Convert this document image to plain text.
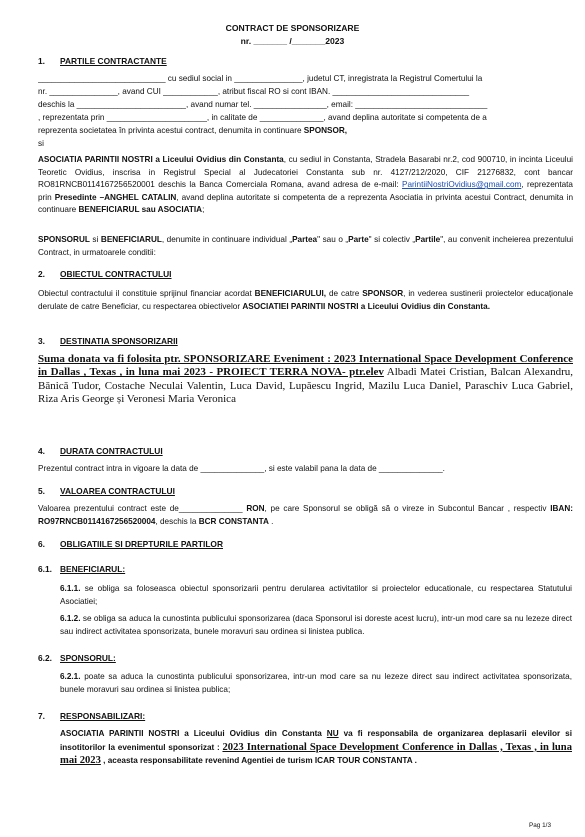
CONTRACT DE SPONSORIZARE
nr. _______ /_______2023
1. PARTILE CONTRACTANTE
____________________________ cu sediul social in _______________, judetul CT, inregistrata la Registrul Comertului la
nr. _______________, avand CUI ____________, atribut fiscal RO si cont IBAN. ______________________________
deschis la ________________________, avand numar tel. ________________, email: _____________________________
, reprezentata prin ______________________, in calitate de ______________, avand deplina autoritate si competenta de a
reprezenta societatea în privinta acestui contract, denumita in continuare SPONSOR,
si
ASOCIATIA PARINTII NOSTRI a Liceului Ovidius din Constanta, cu sediul in Constanta, Stradela Basarabi nr.2, cod 900710, in incinta Liceului Teoretic Ovidius, inscrisa in Registrul Special al Judecatoriei Constanta sub nr. 4127/212/2020, CIF 21276832, cont bancar RO81RNCB0114167256520001 deschis la Banca Comerciala Romana, avand adresa de e-mail: ParintiiNostriOvidius@gmail.com, reprezentata prin Presedinte –ANGHEL CATALIN, avand deplina autoritate si competenta de a reprezenta Asociatia in privinta acestui Contract, denumita in continuare BENEFICIARUL sau ASOCIATIA;
SPONSORUL si BENEFICIARUL, denumite in continuare individual „Partea" sau o „Parte" si colectiv „Partile", au convenit incheierea prezentului Contract, in urmatoarele conditii:
2. OBIECTUL CONTRACTULUI
Obiectul contractului il constituie sprijinul financiar acordat BENEFICIARULUI, de catre SPONSOR, in vederea sustinerii proiectelor educaționale derulate de catre Beneficiar, cu respectarea obiectivelor ASOCIATIEI PARINTII NOSTRI a Liceului Ovidius din Constanta.
3. DESTINATIA SPONSORIZARII
Suma donata va fi folosita ptr. SPONSORIZARE Eveniment : 2023 International Space Development Conference in Dallas , Texas , in luna mai 2023 - PROIECT TERRA NOVA- ptr.elev Albadi Matei Cristian, Balcan Alexandru, Bănică Tudor, Costache Neculai Valentin, Luca David, Lupăescu Ingrid, Mazilu Luca Daniel, Paraschiv Luca Gabriel, Riza Aris George și Veronesi Maria Veronica
4. DURATA CONTRACTULUI
Prezentul contract intra in vigoare la data de ______________, si este valabil pana la data de ______________.
5. VALOAREA CONTRACTULUI
Valoarea prezentului contract este de______________ RON, pe care Sponsorul se obligă să o vireze in Subcontul Bancar , respectiv IBAN: RO97RNCB0114167256520004, deschis la BCR CONSTANTA .
6. OBLIGATIILE SI DREPTURILE PARTILOR
6.1. BENEFICIARUL:
6.1.1. se obliga sa foloseasca obiectul sponsorizarii pentru derularea activitatilor si proiectelor educationale, cu respectarea Statutului Asociatiei;
6.1.2. se obliga sa aduca la cunostinta publicului sponsorizarea (daca Sponsorul isi doreste acest lucru), intr-un mod care sa nu lezeze direct sau indirect activitatea sponsorizata, bunele moravuri sau ordinea si linistea publica.
6.2. SPONSORUL:
6.2.1. poate sa aduca la cunostinta publicului sponsorizarea, intr-un mod care sa nu lezeze direct sau indirect activitatea sponsorizata, bunele moravuri sau ordinea si linistea publica;
7. RESPONSABILIZARI:
ASOCIATIA PARINTII NOSTRI a Liceului Ovidius din Constanta NU va fi responsabila de organizarea deplasarii elevilor si insotitorilor la evenimentul sponsorizat : 2023 International Space Development Conference in Dallas , Texas , in luna mai 2023 , aceasta responsabilitate revenind Agentiei de turism ICAR TOUR CONSTANTA .
Pag 1/3
